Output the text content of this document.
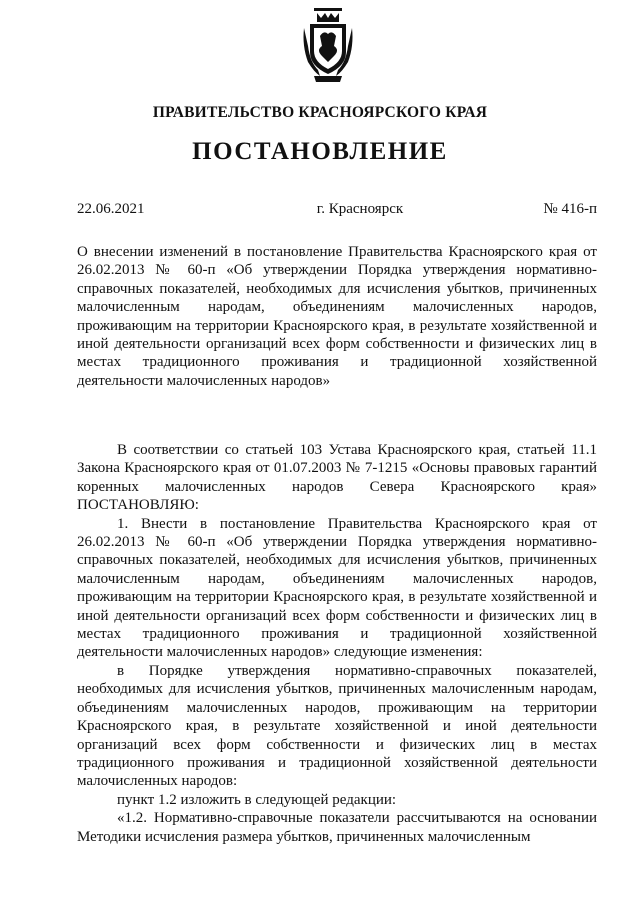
ПРАВИТЕЛЬСТВО КРАСНОЯРСКОГО КРАЯ
ПОСТАНОВЛЕНИЕ
22.06.2021	г. Красноярск	№ 416-п

О внесении изменений в постановление Правительства Красноярского края от 26.02.2013 № 60-п «Об утверждении Порядка утверждения нормативно-справочных показателей, необходимых для исчисления убытков, причиненных малочисленным народам, объединениям малочисленных народов, проживающим на территории Красноярского края, в результате хозяйственной и иной деятельности организаций всех форм собственности и физических лиц в местах традиционного проживания и традиционной хозяйственной деятельности малочисленных народов»

В соответствии со статьей 103 Устава Красноярского края, статьей 11.1 Закона Красноярского края от 01.07.2003 № 7-1215 «Основы правовых гарантий коренных малочисленных народов Севера Красноярского края» ПОСТАНОВЛЯЮ:

1. Внести в постановление Правительства Красноярского края от 26.02.2013 № 60-п «Об утверждении Порядка утверждения нормативно-справочных показателей, необходимых для исчисления убытков, причиненных малочисленным народам, объединениям малочисленных народов, проживающим на территории Красноярского края, в результате хозяйственной и иной деятельности организаций всех форм собственности и физических лиц в местах традиционного проживания и традиционной хозяйственной деятельности малочисленных народов» следующие изменения:

в Порядке утверждения нормативно-справочных показателей, необходимых для исчисления убытков, причиненных малочисленным народам, объединениям малочисленных народов, проживающим на территории Красноярского края, в результате хозяйственной и иной деятельности организаций всех форм собственности и физических лиц в местах традиционного проживания и традиционной хозяйственной деятельности малочисленных народов:

пункт 1.2 изложить в следующей редакции:

«1.2. Нормативно-справочные показатели рассчитываются на основании Методики исчисления размера убытков, причиненных малочисленным
